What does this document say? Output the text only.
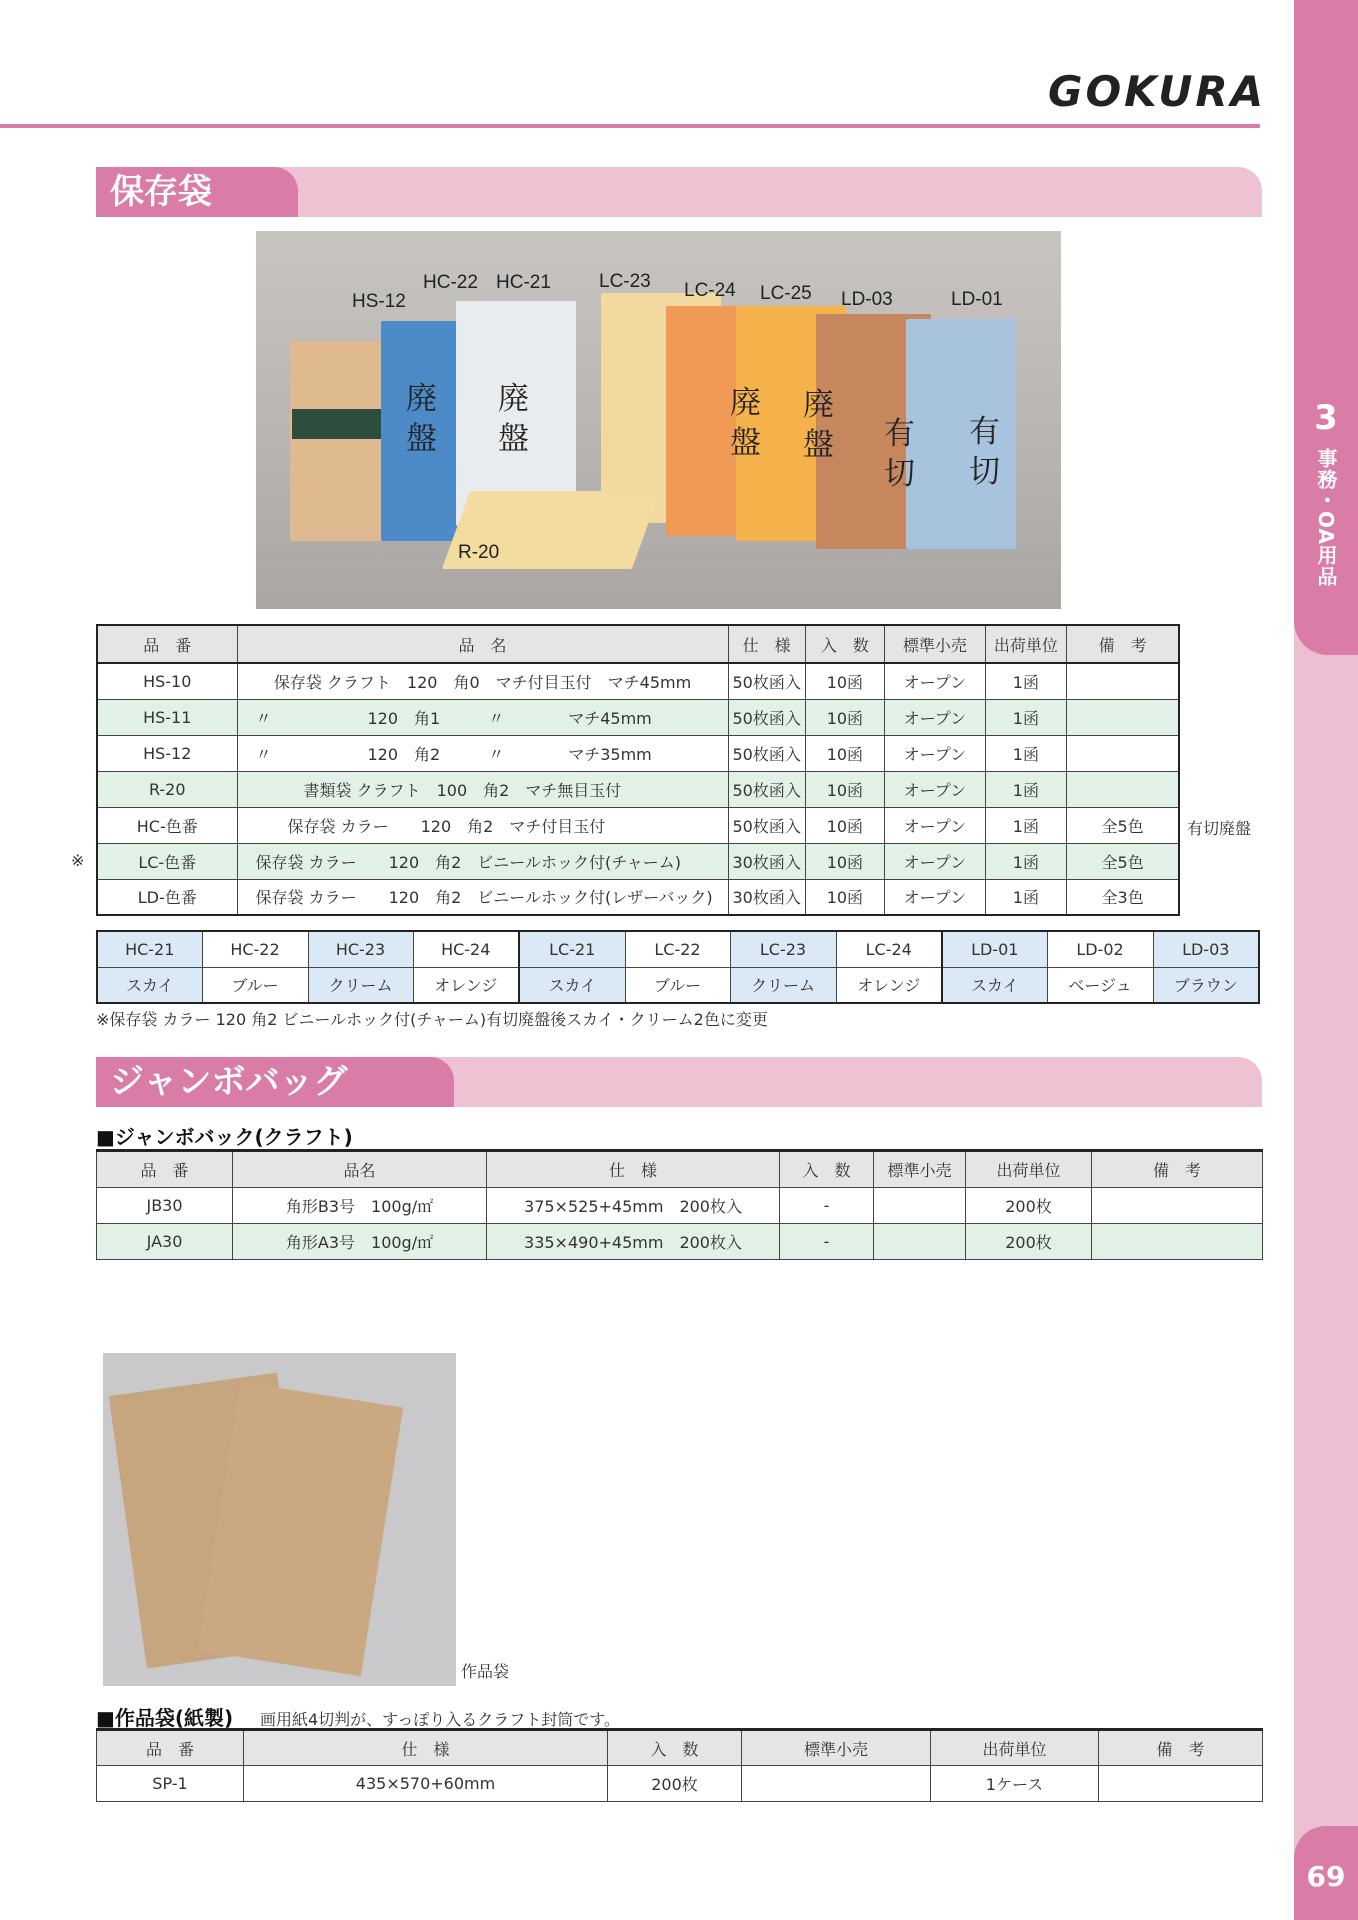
3
事務・OA用品
69
GOKURA
保存袋
HS-12
HC-22 HC-21	LC-23 LC-24 LC-25 LD-03	LD-01
R-20
廃盤
廃盤
廃盤
廃盤 有切
有切
品　番	品　名	仕　様	入　数	標準小売	出荷単位	備　考
HS-10	保存袋 クラフト　120　角0　マチ付目玉付　マチ45mm	50枚函入	10函	オープン	1函	
HS-11	〃　　　　　　120　角1　　　〃　　　　マチ45mm	50枚函入	10函	オープン	1函	
HS-12	〃　　　　　　120　角2　　　〃　　　　マチ35mm	50枚函入	10函	オープン	1函	
R-20	　　　書類袋 クラフト　100　角2　マチ無目玉付	50枚函入	10函	オープン	1函	
HC-色番	　　保存袋 カラー　　120　角2　マチ付目玉付	50枚函入	10函	オープン	1函	全5色
LC-色番	保存袋 カラー　　120　角2　ビニールホック付(チャーム)	30枚函入	10函	オープン	1函	全5色
LD-色番	保存袋 カラー　　120　角2　ビニールホック付(レザーバック)	30枚函入	10函	オープン	1函	全3色
有切廃盤
※
HC-21	HC-22	HC-23	HC-24	LC-21	LC-22	LC-23	LC-24	LD-01	LD-02	LD-03
スカイ	ブルー	クリーム	オレンジ	スカイ	ブルー	クリーム	オレンジ	スカイ	ベージュ	ブラウン
※保存袋 カラー 120 角2 ビニールホック付(チャーム)有切廃盤後スカイ・クリーム2色に変更
ジャンボバッグ
■ジャンボバック(クラフト)
品　番	品名	仕　様	入　数	標準小売	出荷単位	備　考
JB30	角形B3号　100g/㎡	375×525+45mm　200枚入	-		200枚	
JA30	角形A3号　100g/㎡	335×490+45mm　200枚入	-		200枚	
作品袋
■作品袋(紙製) 画用紙4切判が、すっぽり入るクラフト封筒です。
品　番	仕　様	入　数	標準小売	出荷単位	備　考
SP-1	435×570+60mm	200枚		1ケース	
